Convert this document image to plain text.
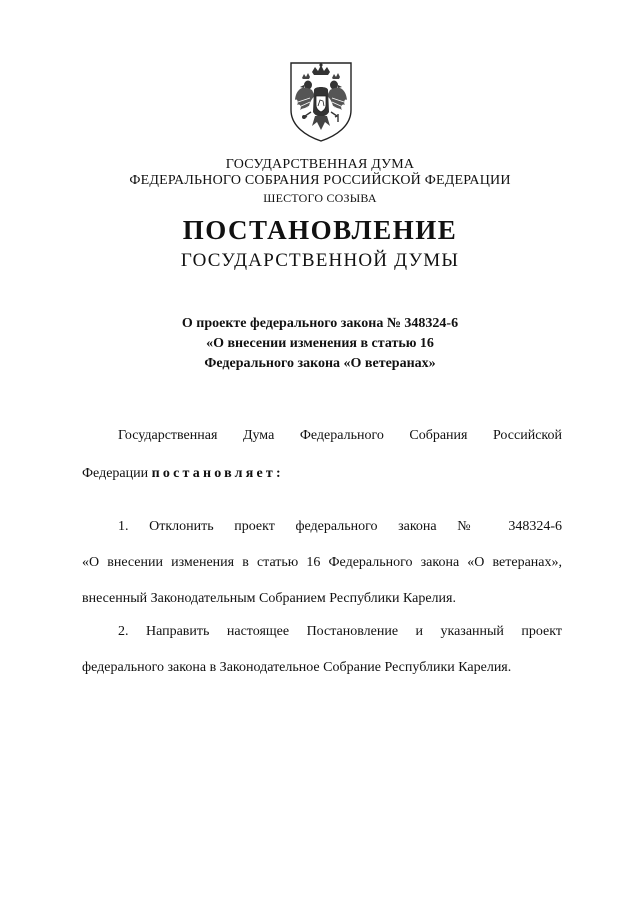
ГОСУДАРСТВЕННАЯ ДУМА
ФЕДЕРАЛЬНОГО СОБРАНИЯ РОССИЙСКОЙ ФЕДЕРАЦИИ
ШЕСТОГО СОЗЫВА
ПОСТАНОВЛЕНИЕ
ГОСУДАРСТВЕННОЙ ДУМЫ
О проекте федерального закона № 348324-6
«О внесении изменения в статью 16
Федерального закона «О ветеранах»
Государственная Дума Федерального Собрания Российской
Федерации постановляет:
1. Отклонить проект федерального закона № 348324-6
«О внесении изменения в статью 16 Федерального закона «О ветеранах»,
внесенный Законодательным Собранием Республики Карелия.
2. Направить настоящее Постановление и указанный проект
федерального закона в Законодательное Собрание Республики Карелия.
